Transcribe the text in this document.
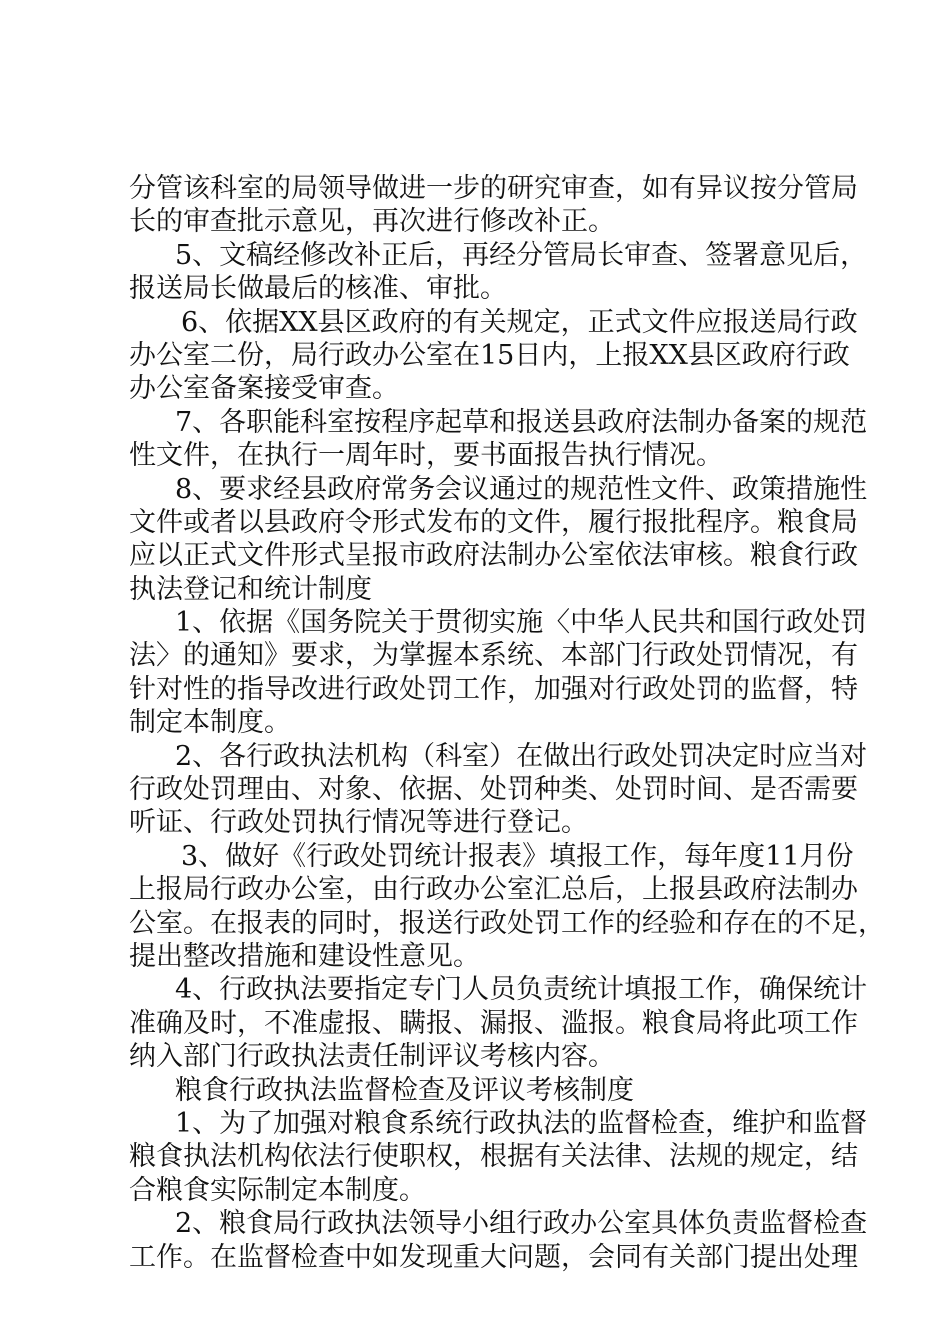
分管该科室的局领导做进一步的研究审查，如有异议按分管局
长的审查批示意见，再次进行修改补正。
5、文稿经修改补正后，再经分管局长审查、签署意见后，
报送局长做最后的核准、审批。
6、依据XX县区政府的有关规定，正式文件应报送局行政
办公室二份，局行政办公室在15日内，上报XX县区政府行政
办公室备案接受审查。
7、各职能科室按程序起草和报送县政府法制办备案的规范
性文件，在执行一周年时，要书面报告执行情况。
8、要求经县政府常务会议通过的规范性文件、政策措施性
文件或者以县政府令形式发布的文件，履行报批程序。粮食局
应以正式文件形式呈报市政府法制办公室依法审核。粮食行政
执法登记和统计制度
1、依据《国务院关于贯彻实施〈中华人民共和国行政处罚
法〉的通知》要求，为掌握本系统、本部门行政处罚情况，有
针对性的指导改进行政处罚工作，加强对行政处罚的监督，特
制定本制度。
2、各行政执法机构（科室）在做出行政处罚决定时应当对
行政处罚理由、对象、依据、处罚种类、处罚时间、是否需要
听证、行政处罚执行情况等进行登记。
3、做好《行政处罚统计报表》填报工作，每年度11月份
上报局行政办公室，由行政办公室汇总后，上报县政府法制办
公室。在报表的同时，报送行政处罚工作的经验和存在的不足，
提出整改措施和建设性意见。
4、行政执法要指定专门人员负责统计填报工作，确保统计
准确及时，不准虚报、瞒报、漏报、滥报。粮食局将此项工作
纳入部门行政执法责任制评议考核内容。
粮食行政执法监督检查及评议考核制度
1、为了加强对粮食系统行政执法的监督检查，维护和监督
粮食执法机构依法行使职权，根据有关法律、法规的规定，结
合粮食实际制定本制度。
2、粮食局行政执法领导小组行政办公室具体负责监督检查
工作。在监督检查中如发现重大问题，会同有关部门提出处理
